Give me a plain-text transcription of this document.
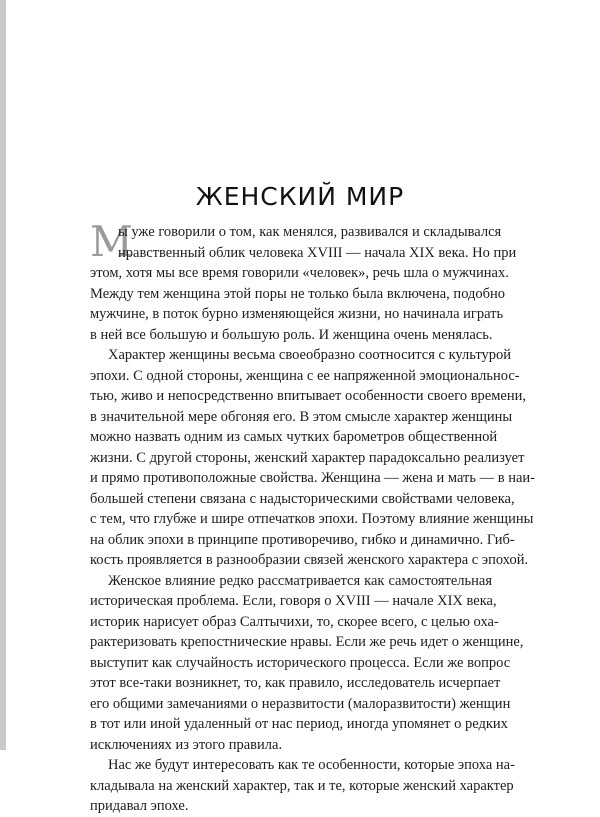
ЖЕНСКИЙ МИР
М
ы уже говорили о том, как менялся, развивался и складывался
нравственный облик человека XVIII — начала XIX века. Но при
этом, хотя мы все время говорили «человек», речь шла о мужчинах.
Между тем женщина этой поры не только была включена, подобно
мужчине, в поток бурно изменяющейся жизни, но начинала играть
в ней все большую и большую роль. И женщина очень менялась.
Характер женщины весьма своеобразно соотносится с культурой
эпохи. С одной стороны, женщина с ее напряженной эмоциональнос-
тью, живо и непосредственно впитывает особенности своего времени,
в значительной мере обгоняя его. В этом смысле характер женщины
можно назвать одним из самых чутких барометров общественной
жизни. С другой стороны, женский характер парадоксально реализует
и прямо противоположные свойства. Женщина — жена и мать — в наи-
большей степени связана с надысторическими свойствами человека,
с тем, что глубже и шире отпечатков эпохи. Поэтому влияние женщины
на облик эпохи в принципе противоречиво, гибко и динамично. Гиб-
кость проявляется в разнообразии связей женского характера с эпохой.
Женское влияние редко рассматривается как самостоятельная
историческая проблема. Если, говоря о XVIII — начале XIX века,
историк нарисует образ Салтычихи, то, скорее всего, с целью оха-
рактеризовать крепостнические нравы. Если же речь идет о женщине,
выступит как случайность исторического процесса. Если же вопрос
этот все-таки возникнет, то, как правило, исследователь исчерпает
его общими замечаниями о неразвитости (малоразвитости) женщин
в тот или иной удаленный от нас период, иногда упомянет о редких
исключениях из этого правила.
Нас же будут интересовать как те особенности, которые эпоха на-
кладывала на женский характер, так и те, которые женский характер
придавал эпохе.
